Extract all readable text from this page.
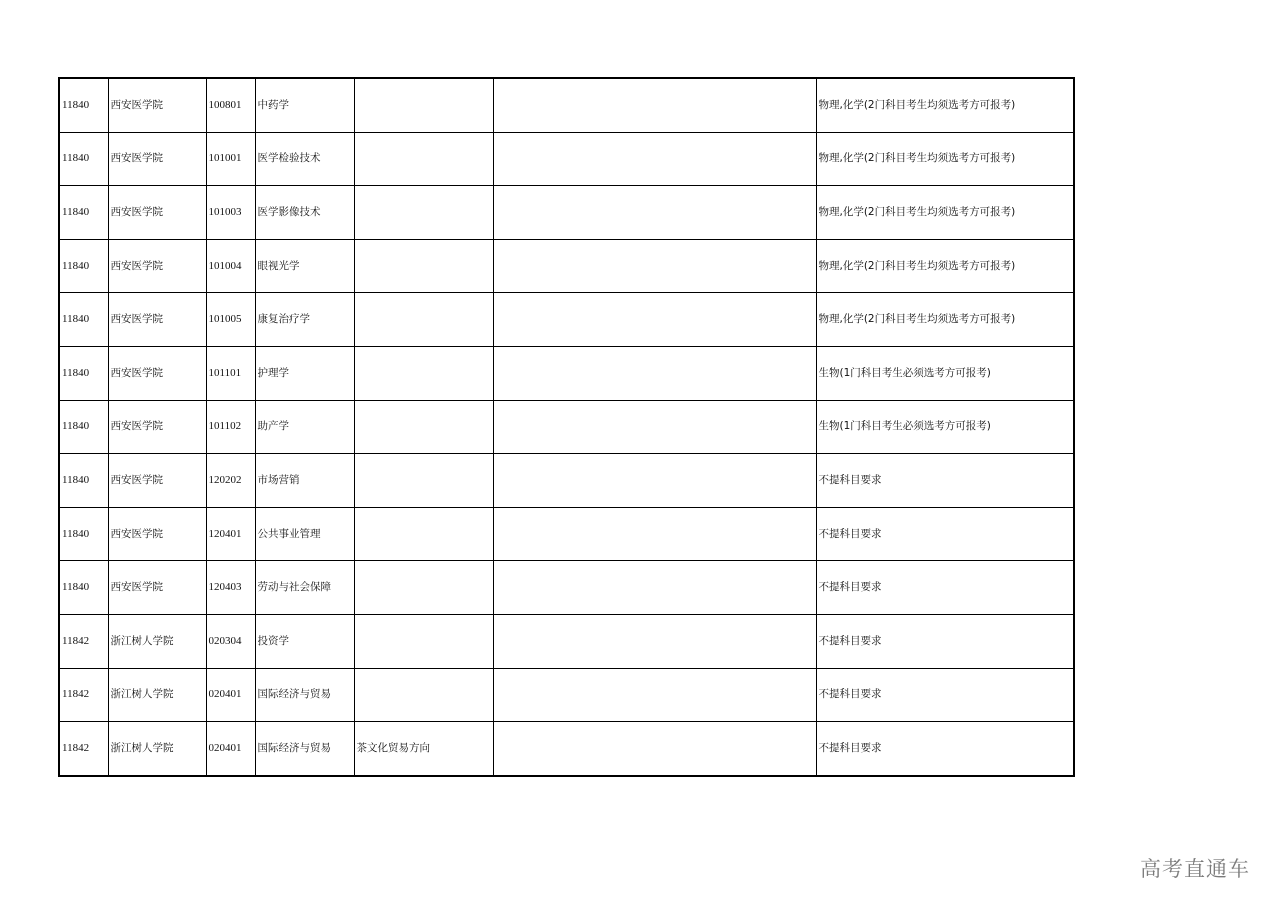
11840	西安医学院	100801	中药学			物理,化学(2门科目考生均须选考方可报考)
11840	西安医学院	101001	医学检验技术			物理,化学(2门科目考生均须选考方可报考)
11840	西安医学院	101003	医学影像技术			物理,化学(2门科目考生均须选考方可报考)
11840	西安医学院	101004	眼视光学			物理,化学(2门科目考生均须选考方可报考)
11840	西安医学院	101005	康复治疗学			物理,化学(2门科目考生均须选考方可报考)
11840	西安医学院	101101	护理学			生物(1门科目考生必须选考方可报考)
11840	西安医学院	101102	助产学			生物(1门科目考生必须选考方可报考)
11840	西安医学院	120202	市场营销			不提科目要求
11840	西安医学院	120401	公共事业管理			不提科目要求
11840	西安医学院	120403	劳动与社会保障			不提科目要求
11842	浙江树人学院	020304	投资学			不提科目要求
11842	浙江树人学院	020401	国际经济与贸易			不提科目要求
11842	浙江树人学院	020401	国际经济与贸易	茶文化贸易方向		不提科目要求
高考直通车
